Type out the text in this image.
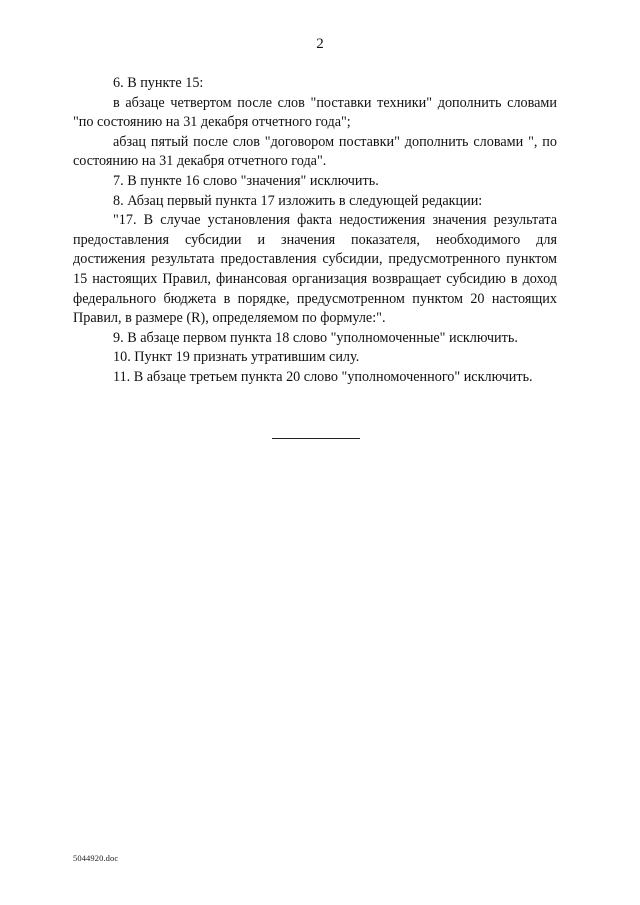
2

6. В пункте 15:

в абзаце четвертом после слов "поставки техники" дополнить словами "по состоянию на 31 декабря отчетного года";

абзац пятый после слов "договором поставки" дополнить словами ", по состоянию на 31 декабря отчетного года".

7. В пункте 16 слово "значения" исключить.

8. Абзац первый пункта 17 изложить в следующей редакции:

"17. В случае установления факта недостижения значения результата предоставления субсидии и значения показателя, необходимого для достижения результата предоставления субсидии, предусмотренного пунктом 15 настоящих Правил, финансовая организация возвращает субсидию в доход федерального бюджета в порядке, предусмотренном пунктом 20 настоящих Правил, в размере (R), определяемом по формуле:".

9. В абзаце первом пункта 18 слово "уполномоченные" исключить.

10. Пункт 19 признать утратившим силу.

11. В абзаце третьем пункта 20 слово "уполномоченного" исключить.

5044920.doc
